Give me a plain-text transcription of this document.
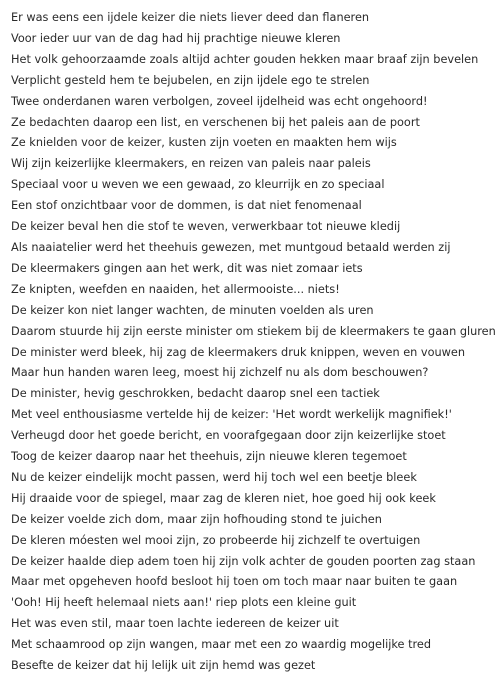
Er was eens een ijdele keizer die niets liever deed dan flaneren
Voor ieder uur van de dag had hij prachtige nieuwe kleren
Het volk gehoorzaamde zoals altijd achter gouden hekken maar braaf zijn bevelen
Verplicht gesteld hem te bejubelen, en zijn ijdele ego te strelen
Twee onderdanen waren verbolgen, zoveel ijdelheid was echt ongehoord!
Ze bedachten daarop een list, en verschenen bij het paleis aan de poort
Ze knielden voor de keizer, kusten zijn voeten en maakten hem wijs
Wij zijn keizerlijke kleermakers, en reizen van paleis naar paleis
Speciaal voor u weven we een gewaad, zo kleurrijk en zo speciaal
Een stof onzichtbaar voor de dommen, is dat niet fenomenaal
De keizer beval hen die stof te weven, verwerkbaar tot nieuwe kledij
Als naaiatelier werd het theehuis gewezen, met muntgoud betaald werden zij
De kleermakers gingen aan het werk, dit was niet zomaar iets
Ze knipten, weefden en naaiden, het allermooiste... niets!
De keizer kon niet langer wachten, de minuten voelden als uren
Daarom stuurde hij zijn eerste minister om stiekem bij de kleermakers te gaan gluren
De minister werd bleek, hij zag de kleermakers druk knippen, weven en vouwen
Maar hun handen waren leeg, moest hij zichzelf nu als dom beschouwen?
De minister, hevig geschrokken, bedacht daarop snel een tactiek
Met veel enthousiasme vertelde hij de keizer: 'Het wordt werkelijk magnifiek!'
Verheugd door het goede bericht, en voorafgegaan door zijn keizerlijke stoet
Toog de keizer daarop naar het theehuis, zijn nieuwe kleren tegemoet
Nu de keizer eindelijk mocht passen, werd hij toch wel een beetje bleek
Hij draaide voor de spiegel, maar zag de kleren niet, hoe goed hij ook keek
De keizer voelde zich dom, maar zijn hofhouding stond te juichen
De kleren móesten wel mooi zijn, zo probeerde hij zichzelf te overtuigen
De keizer haalde diep adem toen hij zijn volk achter de gouden poorten zag staan
Maar met opgeheven hoofd besloot hij toen om toch maar naar buiten te gaan
'Ooh! Hij heeft helemaal niets aan!' riep plots een kleine guit
Het was even stil, maar toen lachte iedereen de keizer uit
Met schaamrood op zijn wangen, maar met een zo waardig mogelijke tred
Besefte de keizer dat hij lelijk uit zijn hemd was gezet
